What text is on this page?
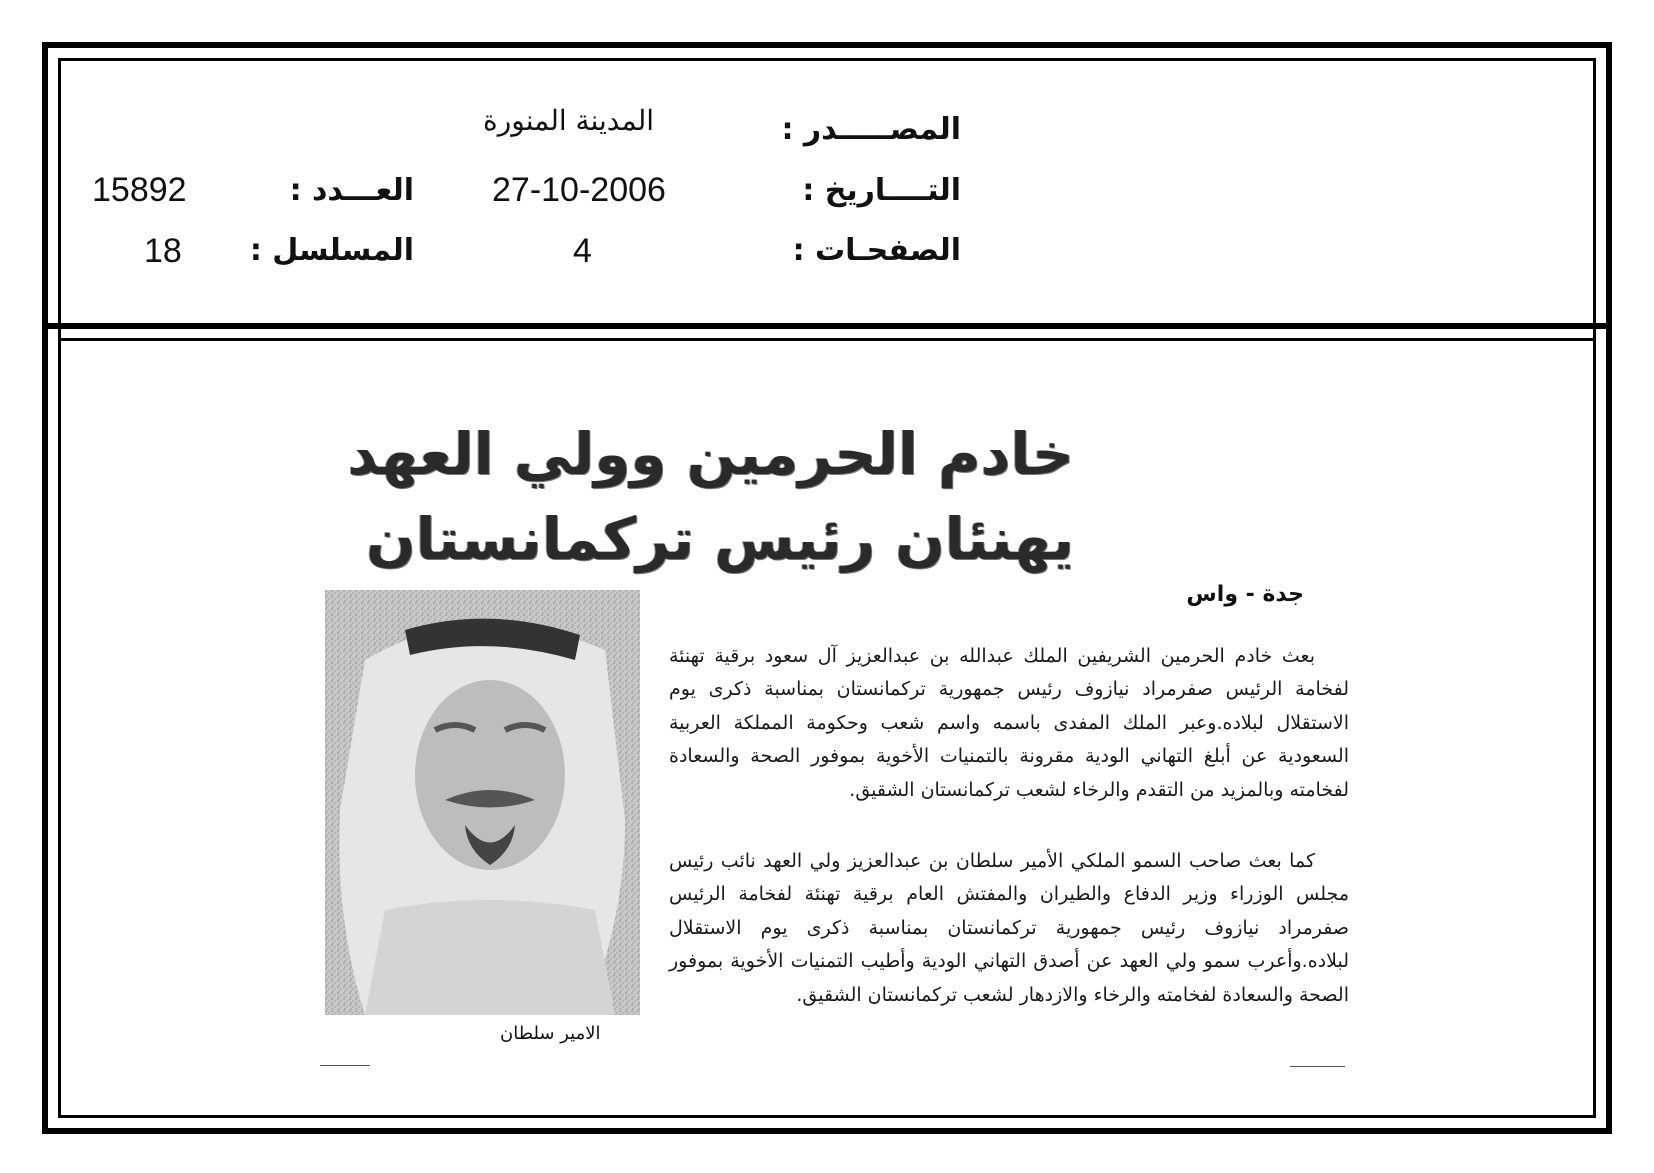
المصـــــدر :
المدينة المنورة
التــــاريخ :
27-10-2006
العـــدد :
15892
الصفحـات :
4
المسلسل :
18
خادم الحرمين وولي العهد
يهنئان رئيس تركمانستان
جدة - واس

بعث خادم الحرمين الشريفين الملك عبدالله بن عبدالعزيز آل سعود برقية تهنئة لفخامة الرئيس صفرمراد نيازوف رئيس جمهورية تركمانستان بمناسبة ذكرى يوم الاستقلال لبلاده.وعبر الملك المفدى باسمه واسم شعب وحكومة المملكة العربية السعودية عن أبلغ التهاني الودية مقرونة بالتمنيات الأخوية بموفور الصحة والسعادة لفخامته وبالمزيد من التقدم والرخاء لشعب تركمانستان الشقيق.

كما بعث صاحب السمو الملكي الأمير سلطان بن عبدالعزيز ولي العهد نائب رئيس مجلس الوزراء وزير الدفاع والطيران والمفتش العام برقية تهنئة لفخامة الرئيس صفرمراد نيازوف رئيس جمهورية تركمانستان بمناسبة ذكرى يوم الاستقلال لبلاده.وأعرب سمو ولي العهد عن أصدق التهاني الودية وأطيب التمنيات الأخوية بموفور الصحة والسعادة لفخامته والرخاء والازدهار لشعب تركمانستان الشقيق.

الامير سلطان
